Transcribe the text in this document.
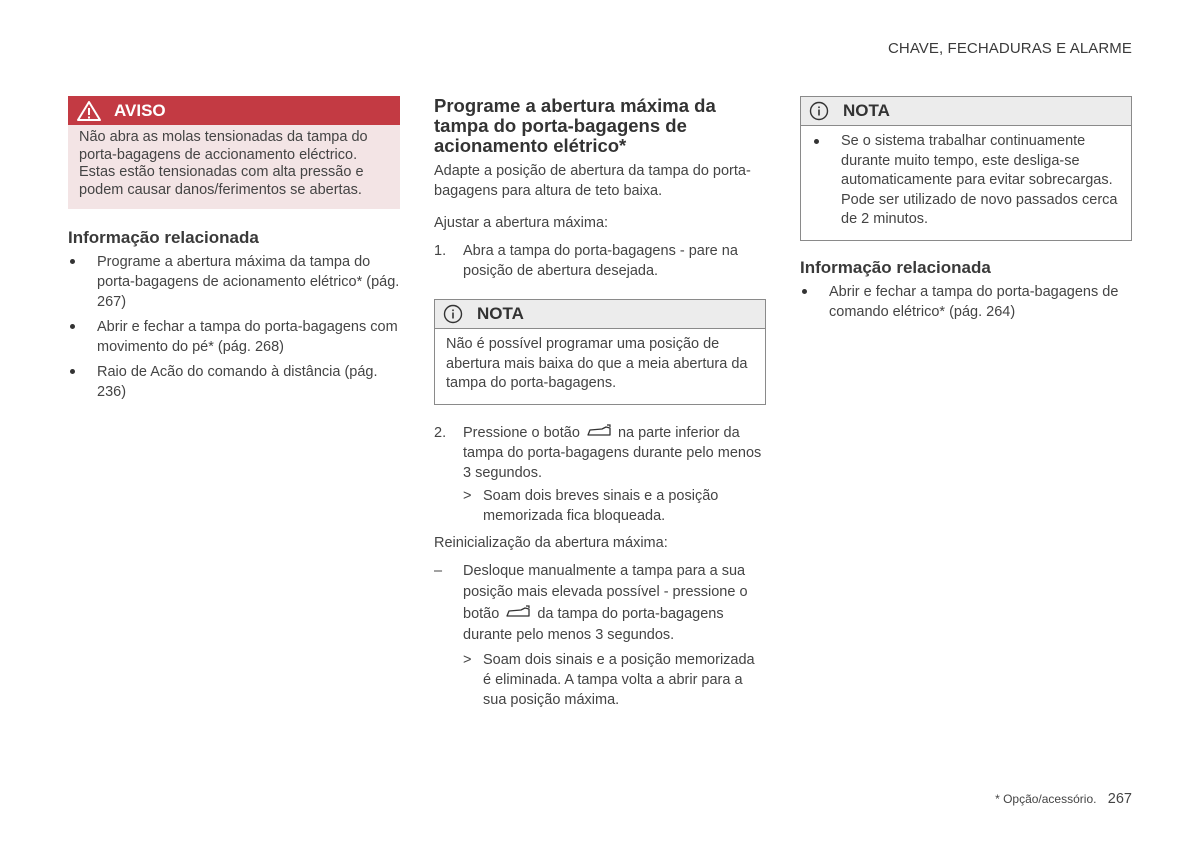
CHAVE, FECHADURAS E ALARME
AVISO
Não abra as molas tensionadas da tampa do porta-bagagens de accionamento eléctrico. Estas estão tensionadas com alta pressão e podem causar danos/ferimentos se abertas.
Informação relacionada
Programe a abertura máxima da tampa do porta-bagagens de acionamento elétrico* (pág. 267)
Abrir e fechar a tampa do porta-bagagens com movimento do pé* (pág. 268)
Raio de Acão do comando à distância (pág. 236)
Programe a abertura máxima da tampa do porta-bagagens de acionamento elétrico*

Adapte a posição de abertura da tampa do porta-bagagens para altura de teto baixa.

Ajustar a abertura máxima:

1. Abra a tampa do porta-bagagens - pare na posição de abertura desejada.
NOTA
Não é possível programar uma posição de abertura mais baixa do que a meia abertura da tampa do porta-bagagens.
2. Pressione o botão	na parte inferior da tampa do porta-bagagens durante pelo menos 3 segundos.
> Soam dois breves sinais e a posição memorizada fica bloqueada.

Reinicialização da abertura máxima:

– Desloque manualmente a tampa para a sua posição mais elevada possível - pressione o botão	da tampa do porta-bagagens durante pelo menos 3 segundos.
> Soam dois sinais e a posição memorizada é eliminada. A tampa volta a abrir para a sua posição máxima.
NOTA
Se o sistema trabalhar continuamente durante muito tempo, este desliga-se automaticamente para evitar sobrecargas. Pode ser utilizado de novo passados cerca de 2 minutos.
Informação relacionada
Abrir e fechar a tampa do porta-bagagens de comando elétrico* (pág. 264)
* Opção/acessório. 267
